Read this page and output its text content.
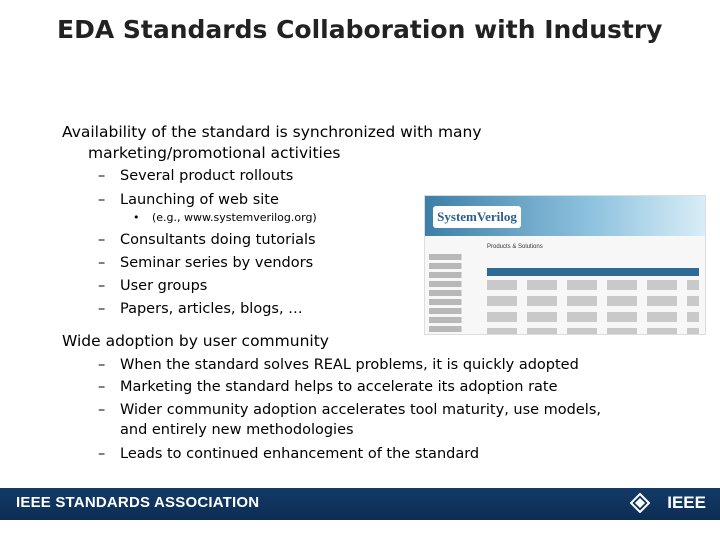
EDA Standards Collaboration with Industry
Availability of the standard is synchronized with many
marketing/promotional activities
–	Several product rollouts
–	Launching of web site
• (e.g., www.systemverilog.org)
–	Consultants doing tutorials
–	Seminar series by vendors
–	User groups
–	Papers, articles, blogs, …
Wide adoption by user community
–	When the standard solves REAL problems, it is quickly adopted
–	Marketing the standard helps to accelerate its adoption rate
–	Wider community adoption accelerates tool maturity, use models,
and entirely new methodologies
–	Leads to continued enhancement of the standard
SystemVerilog
Products & Solutions
IEEE STANDARDS ASSOCIATION	IEEE
